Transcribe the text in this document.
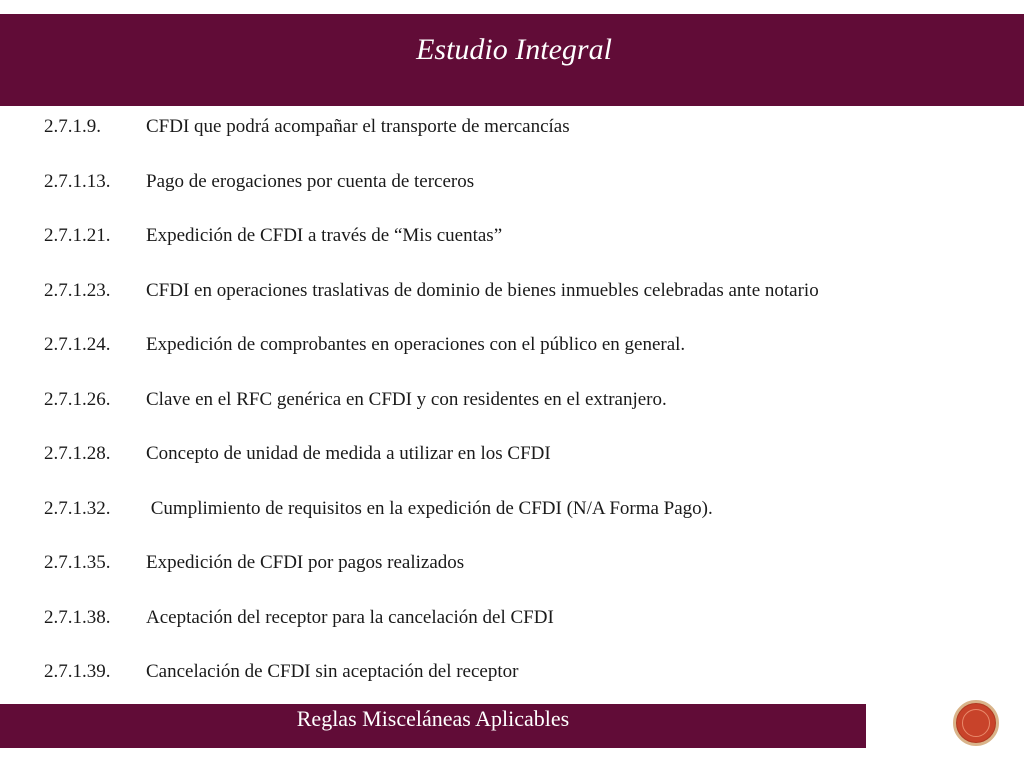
Estudio Integral
2.7.1.9.	CFDI que podrá acompañar el transporte de mercancías
2.7.1.13.	Pago de erogaciones por cuenta de terceros
2.7.1.21.	Expedición de CFDI a través de “Mis cuentas”
2.7.1.23.	CFDI en operaciones traslativas de dominio de bienes inmuebles celebradas ante notario
2.7.1.24.	Expedición de comprobantes en operaciones con el público en general.
2.7.1.26.	Clave en el RFC genérica en CFDI y con residentes en el extranjero.
2.7.1.28.	Concepto de unidad de medida a utilizar en los CFDI
2.7.1.32.	Cumplimiento de requisitos en la expedición de CFDI (N/A Forma Pago).
2.7.1.35.	Expedición de CFDI por pagos realizados
2.7.1.38.	Aceptación del receptor para la cancelación del CFDI
2.7.1.39.	Cancelación de CFDI sin aceptación del receptor
Reglas Misceláneas Aplicables
